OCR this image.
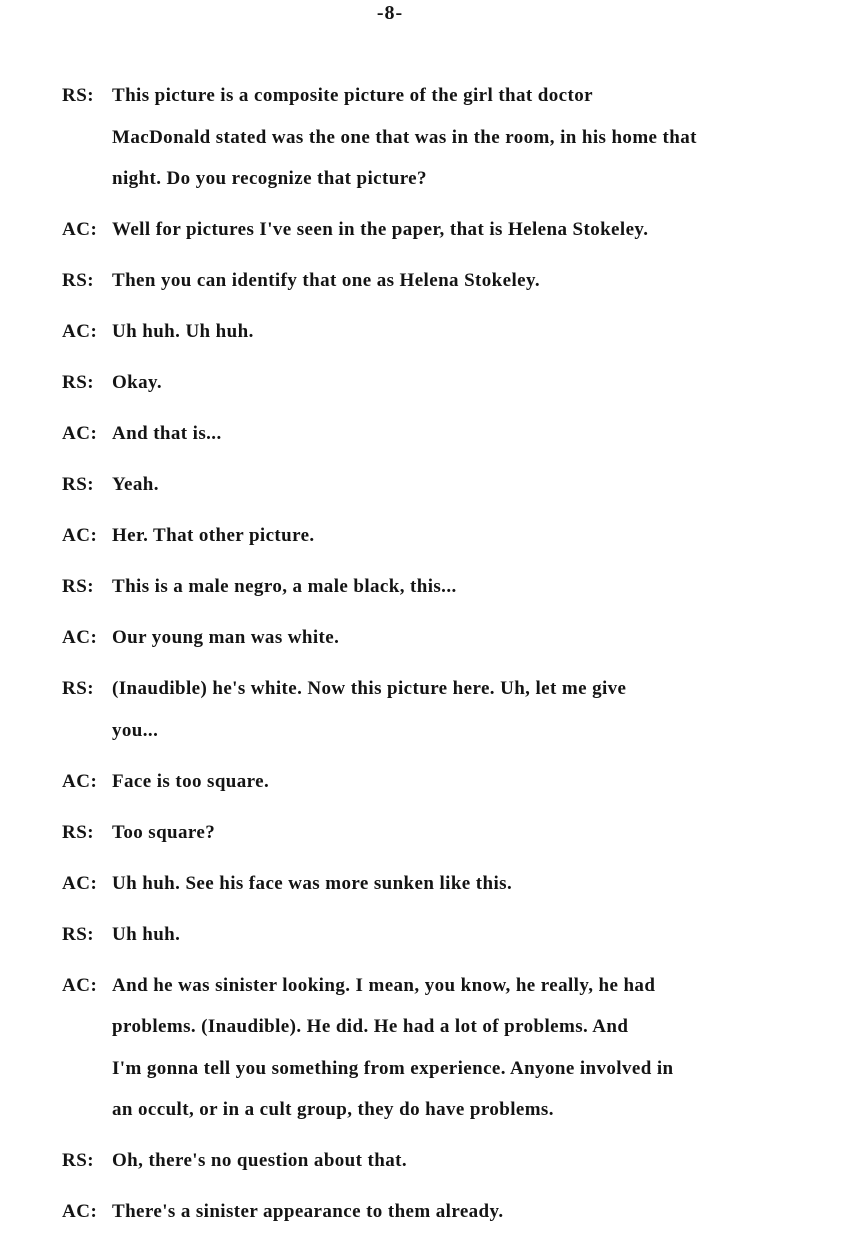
-8-
RS: This picture is a composite picture of the girl that doctor
MacDonald stated was the one that was in the room, in his home that
night. Do you recognize that picture?
AC: Well for pictures I've seen in the paper, that is Helena Stokeley.
RS: Then you can identify that one as Helena Stokeley.
AC: Uh huh. Uh huh.
RS: Okay.
AC: And that is...
RS: Yeah.
AC: Her. That other picture.
RS: This is a male negro, a male black, this...
AC: Our young man was white.
RS: (Inaudible) he's white. Now this picture here. Uh, let me give
you...
AC: Face is too square.
RS: Too square?
AC: Uh huh. See his face was more sunken like this.
RS: Uh huh.
AC: And he was sinister looking. I mean, you know, he really, he had
problems. (Inaudible). He did. He had a lot of problems. And
I'm gonna tell you something from experience. Anyone involved in
an occult, or in a cult group, they do have problems.
RS: Oh, there's no question about that.
AC: There's a sinister appearance to them already.
